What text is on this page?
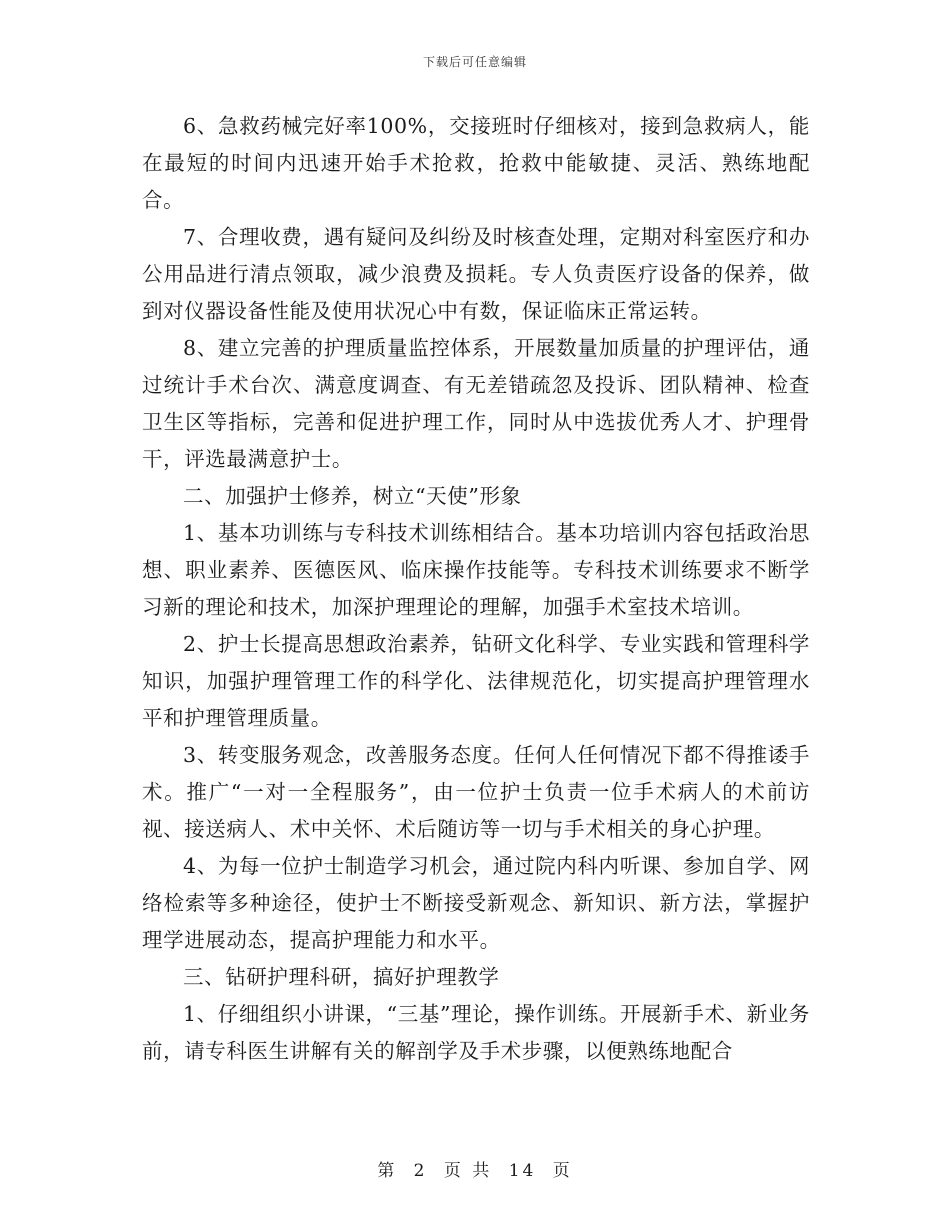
下载后可任意编辑

6、急救药械完好率100%，交接班时仔细核对，接到急救病人，能在最短的时间内迅速开始手术抢救，抢救中能敏捷、灵活、熟练地配合。

7、合理收费，遇有疑问及纠纷及时核查处理，定期对科室医疗和办公用品进行清点领取，减少浪费及损耗。专人负责医疗设备的保养，做到对仪器设备性能及使用状况心中有数，保证临床正常运转。

8、建立完善的护理质量监控体系，开展数量加质量的护理评估，通过统计手术台次、满意度调查、有无差错疏忽及投诉、团队精神、检查卫生区等指标，完善和促进护理工作，同时从中选拔优秀人才、护理骨干，评选最满意护士。

二、加强护士修养，树立“天使”形象

1、基本功训练与专科技术训练相结合。基本功培训内容包括政治思想、职业素养、医德医风、临床操作技能等。专科技术训练要求不断学习新的理论和技术，加深护理理论的理解，加强手术室技术培训。

2、护士长提高思想政治素养，钻研文化科学、专业实践和管理科学知识，加强护理管理工作的科学化、法律规范化，切实提高护理管理水平和护理管理质量。

3、转变服务观念，改善服务态度。任何人任何情况下都不得推诿手术。推广“一对一全程服务”，由一位护士负责一位手术病人的术前访视、接送病人、术中关怀、术后随访等一切与手术相关的身心护理。

4、为每一位护士制造学习机会，通过院内科内听课、参加自学、网络检索等多种途径，使护士不断接受新观念、新知识、新方法，掌握护理学进展动态，提高护理能力和水平。

三、钻研护理科研，搞好护理教学

1、仔细组织小讲课，“三基”理论，操作训练。开展新手术、新业务前，请专科医生讲解有关的解剖学及手术步骤，以便熟练地配合

第 2 页 共 14 页
